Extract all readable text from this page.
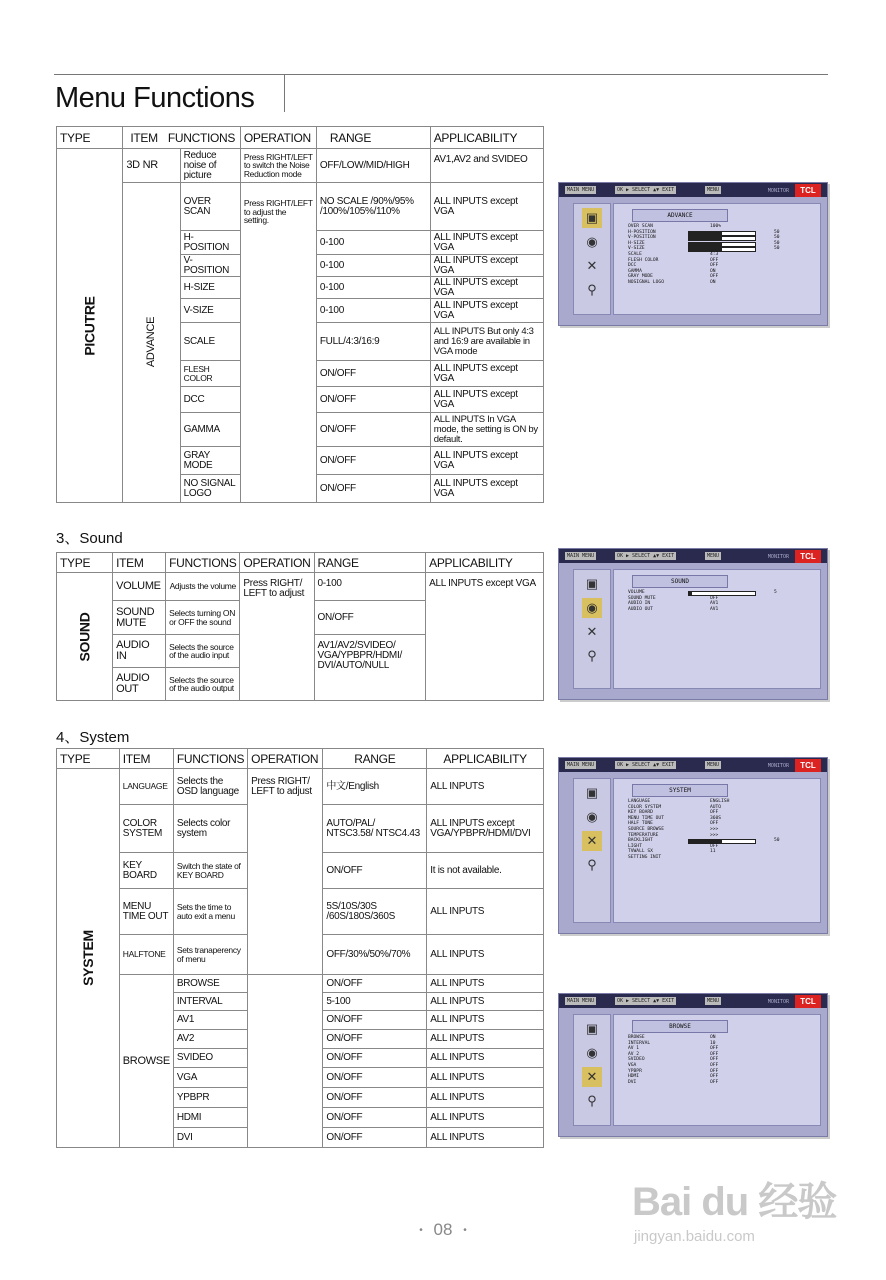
Menu Functions
TYPE	ITEM FUNCTIONS		OPERATION	RANGE	APPLICABILITY
PICUTRE	3D NR	Reduce noise of picture	Press RIGHT/LEFT to switch the Noise Reduction mode	OFF/LOW/MID/HIGH	AV1,AV2 and SVIDEO
	ADVANCE	OVER SCAN	Press RIGHT/LEFT to adjust the setting.	NO SCALE /90%/95% /100%/105%/110%	ALL INPUTS except VGA
		H-POSITION		0-100	ALL INPUTS except VGA
		V-POSITION		0-100	ALL INPUTS except VGA
		H-SIZE		0-100	ALL INPUTS except VGA
		V-SIZE		0-100	ALL INPUTS except VGA
		SCALE		FULL/4:3/16:9	ALL INPUTS But only 4:3 and 16:9 are available in VGA mode
		FLESH COLOR		ON/OFF	ALL INPUTS except VGA
		DCC		ON/OFF	ALL INPUTS except VGA
		GAMMA		ON/OFF	ALL INPUTS In VGA mode, the setting is ON by default.
		GRAY MODE		ON/OFF	ALL INPUTS except VGA
		NO SIGNAL LOGO		ON/OFF	ALL INPUTS except VGA
3、Sound
TYPE	ITEM	FUNCTIONS	OPERATION	RANGE	APPLICABILITY
SOUND	VOLUME	Adjusts the volume	Press RIGHT/ LEFT to adjust	0-100	ALL INPUTS except VGA
	SOUND MUTE	Selects turning ON or OFF the sound		ON/OFF	
	AUDIO IN	Selects the source of the audio input		AV1/AV2/SVIDEO/ VGA/YPBPR/HDMI/ DVI/AUTO/NULL	
	AUDIO OUT	Selects the source of the audio output			
4、System
TYPE	ITEM	FUNCTIONS	OPERATION	RANGE	APPLICABILITY
SYSTEM	LANGUAGE	Selects the OSD language	Press RIGHT/ LEFT to adjust	中文/English	ALL INPUTS
	COLOR SYSTEM	Selects color system		AUTO/PAL/ NTSC3.58/ NTSC4.43	ALL INPUTS except VGA/YPBPR/HDMI/DVI
	KEY BOARD	Switch the state of KEY BOARD		ON/OFF	It is not available.
	MENU TIME OUT	Sets the time to auto exit a menu		5S/10S/30S /60S/180S/360S	ALL INPUTS
	HALFTONE	Sets tranaperency of menu		OFF/30%/50%/70%	ALL INPUTS
	BROWSE	BROWSE		ON/OFF	ALL INPUTS
		INTERVAL		5-100	ALL INPUTS
		AV1		ON/OFF	ALL INPUTS
		AV2		ON/OFF	ALL INPUTS
		SVIDEO		ON/OFF	ALL INPUTS
		VGA		ON/OFF	ALL INPUTS
		YPBPR		ON/OFF	ALL INPUTS
		HDMI		ON/OFF	ALL INPUTS
		DVI		ON/OFF	ALL INPUTS
MAIN MENU	OK ▶ SELECT ▲▼ EXIT	MENU	MONITOR	TCL
▣
◉
✕
⚲
ADVANCE
OVER SCAN	100%
H-POSITION	50
V-POSITION	50
H-SIZE	50
V-SIZE	50
SCALE	4:3
FLESH COLOR	OFF
DCC	OFF
GAMMA	ON
GRAY MODE	OFF
NOSIGNAL LOGO	ON
MAIN MENU	OK ▶ SELECT ▲▼ EXIT	MENU	MONITOR	TCL
▣
◉
✕
⚲
SOUND
VOLUME	5
SOUND MUTE	OFF
AUDIO IN	AV1
AUDIO OUT	AV1
MAIN MENU	OK ▶ SELECT ▲▼ EXIT	MENU	MONITOR	TCL
▣
◉
✕
⚲
SYSTEM
LANGUAGE	ENGLISH
COLOR SYSTEM	AUTO
KEY BOARD	OFF
MENU TIME OUT	360S
HALF TONE	OFF
SOURCE BROWSE	>>>
TEMPERATURE	>>>
BACKLIGHT	50
LIGHT	OFF
TVWALL SX	11
SETTING INIT
MAIN MENU	OK ▶ SELECT ▲▼ EXIT	MENU	MONITOR	TCL
▣
◉
✕
⚲
BROWSE
BROWSE	ON
INTERVAL	10
AV 1	OFF
AV 2	OFF
SVIDEO	OFF
VGA	OFF
YPBPR	OFF
HDMI	OFF
DVI	OFF
• 08 •
Bai du 经验
jingyan.baidu.com
